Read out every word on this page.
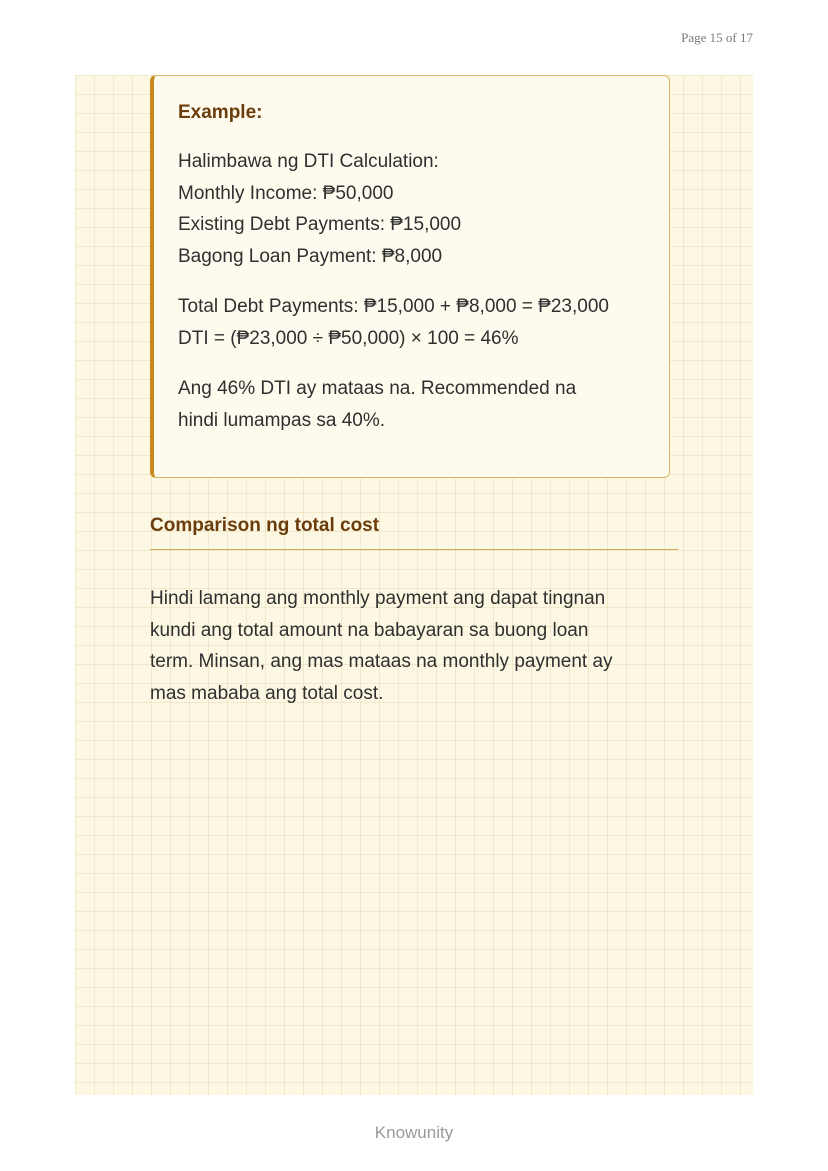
Page 15 of 17
Example:
Halimbawa ng DTI Calculation:
Monthly Income: ₱50,000
Existing Debt Payments: ₱15,000
Bagong Loan Payment: ₱8,000
Total Debt Payments: ₱15,000 + ₱8,000 = ₱23,000
DTI = (₱23,000 ÷ ₱50,000) × 100 = 46%
Ang 46% DTI ay mataas na. Recommended na
hindi lumampas sa 40%.
Comparison ng total cost
Hindi lamang ang monthly payment ang dapat tingnan
kundi ang total amount na babayaran sa buong loan
term. Minsan, ang mas mataas na monthly payment ay
mas mababa ang total cost.
Knowunity
